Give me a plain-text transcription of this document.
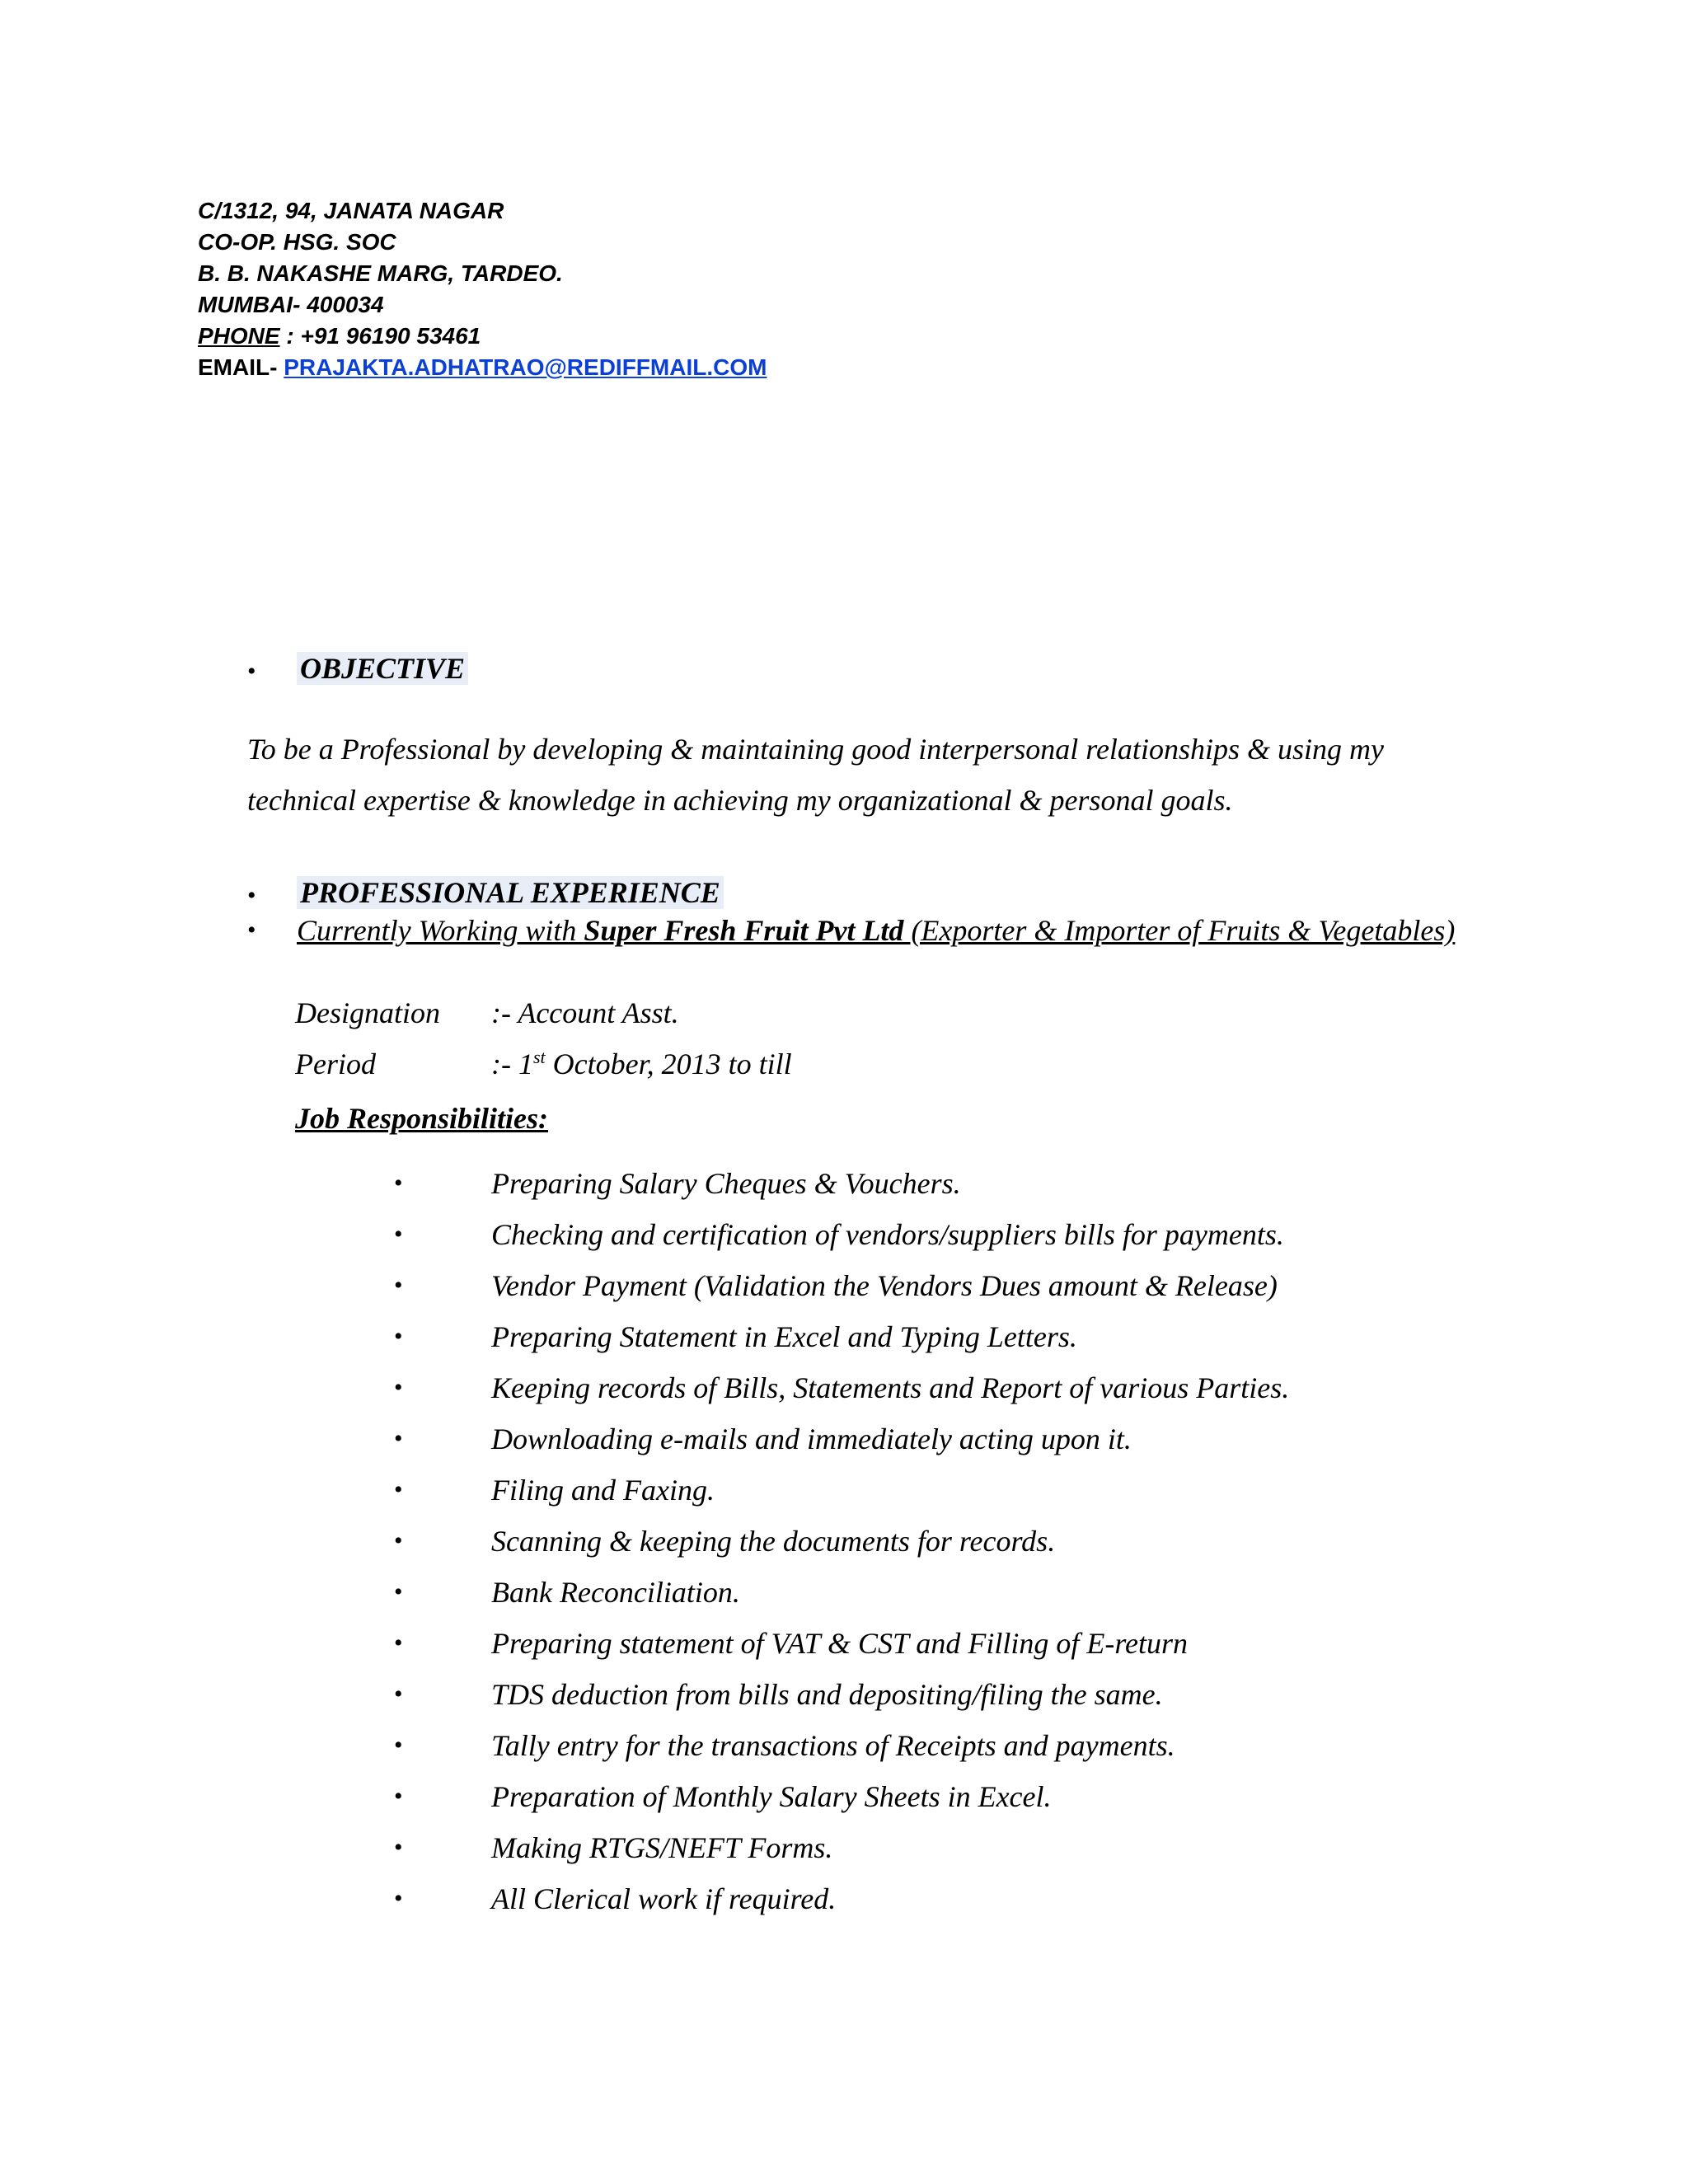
C/1312, 94, JANATA NAGAR
CO-OP. HSG. SOC
B. B. NAKASHE MARG, TARDEO.
MUMBAI- 400034
PHONE : +91 96190 53461
EMAIL- PRAJAKTA.ADHATRAO@REDIFFMAIL.COM
• OBJECTIVE
To be a Professional by developing & maintaining good interpersonal relationships & using my technical expertise & knowledge in achieving my organizational & personal goals.
• PROFESSIONAL EXPERIENCE
•	Currently Working with Super Fresh Fruit Pvt Ltd (Exporter & Importer of Fruits & Vegetables)
Designation :- Account Asst.
Period	:- 1st October, 2013 to till
Job Responsibilities:
•	Preparing Salary Cheques & Vouchers.
•	Checking and certification of vendors/suppliers bills for payments.
•	Vendor Payment (Validation the Vendors Dues amount & Release)
•	Preparing Statement in Excel and Typing Letters.
•	Keeping records of Bills, Statements and Report of various Parties.
•	Downloading e-mails and immediately acting upon it.
•	Filing and Faxing.
•	Scanning & keeping the documents for records.
•	Bank Reconciliation.
•	Preparing statement of VAT & CST and Filling of E-return
•	TDS deduction from bills and depositing/filing the same.
•	Tally entry for the transactions of Receipts and payments.
•	Preparation of Monthly Salary Sheets in Excel.
•	Making RTGS/NEFT Forms.
•	All Clerical work if required.
